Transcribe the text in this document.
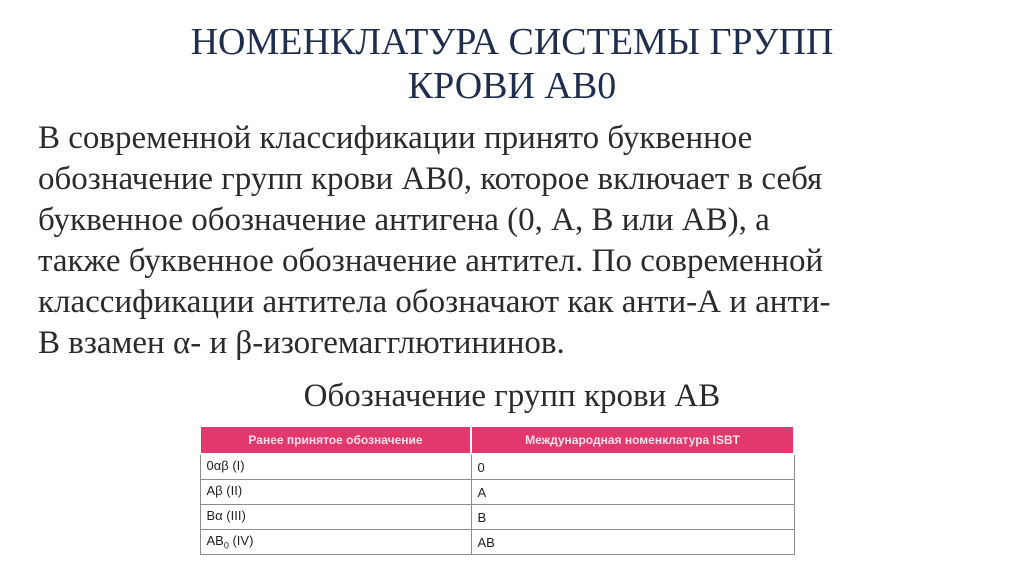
НОМЕНКЛАТУРА СИСТЕМЫ ГРУПП
КРОВИ АВ0

В современной классификации принято буквенное
обозначение групп крови АВ0, которое включает в себя
буквенное обозначение антигена (0, А, В или АВ), а
также буквенное обозначение антител. По современной
классификации антитела обозначают как анти-А и анти-
В взамен α- и β-изогемагглютининов.

Обозначение групп крови АВ

Ранее принятое обозначение	Международная номенклатура ISBT
0αβ (I)	0
Aβ (II)	A
Bα (III)	B
$AB_0$ (IV)	AB
